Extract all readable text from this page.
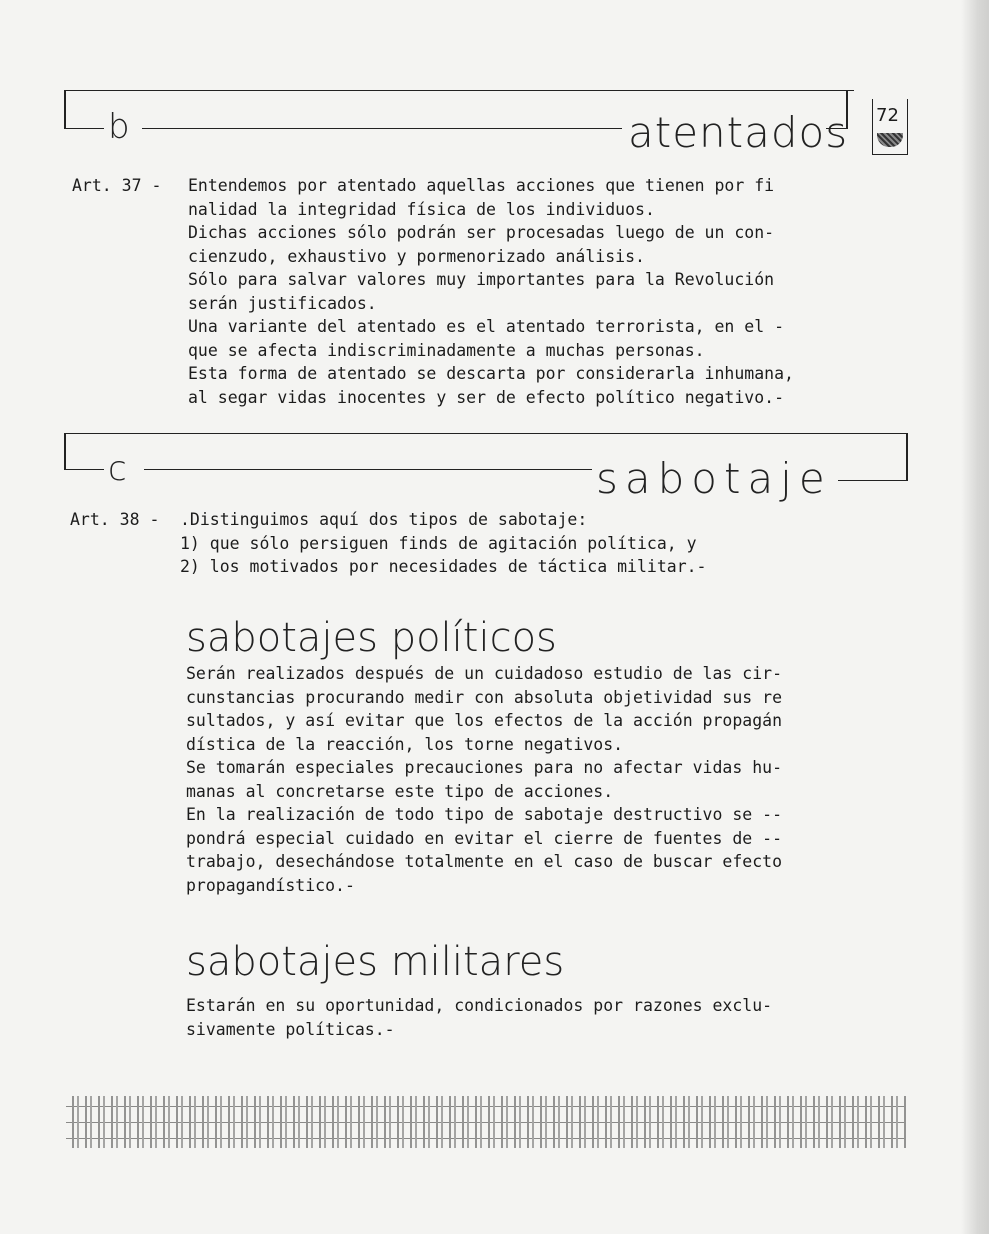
b	atentados 72
Art. 37 - Entendemos por atentado aquellas acciones que tienen por fi
nalidad la integridad física de los individuos.
Dichas acciones sólo podrán ser procesadas luego de un con-
cienzudo, exhaustivo y pormenorizado análisis.
Sólo para salvar valores muy importantes para la Revolución
serán justificados.
Una variante del atentado es el atentado terrorista, en el -
que se afecta indiscriminadamente a muchas personas.
Esta forma de atentado se descarta por considerarla inhumana,
al segar vidas inocentes y ser de efecto político negativo.-
c	sabotaje
Art. 38 - .Distinguimos aquí dos tipos de sabotaje:
1) que sólo persiguen finds de agitación política, y
2) los motivados por necesidades de táctica militar.-
sabotajes políticos
Serán realizados después de un cuidadoso estudio de las cir-
cunstancias procurando medir con absoluta objetividad sus re
sultados, y así evitar que los efectos de la acción propagán
dística de la reacción, los torne negativos.
Se tomarán especiales precauciones para no afectar vidas hu-
manas al concretarse este tipo de acciones.
En la realización de todo tipo de sabotaje destructivo se --
pondrá especial cuidado en evitar el cierre de fuentes de --
trabajo, desechándose totalmente en el caso de buscar efecto
propagandístico.-
sabotajes militares
Estarán en su oportunidad, condicionados por razones exclu-
sivamente políticas.-
